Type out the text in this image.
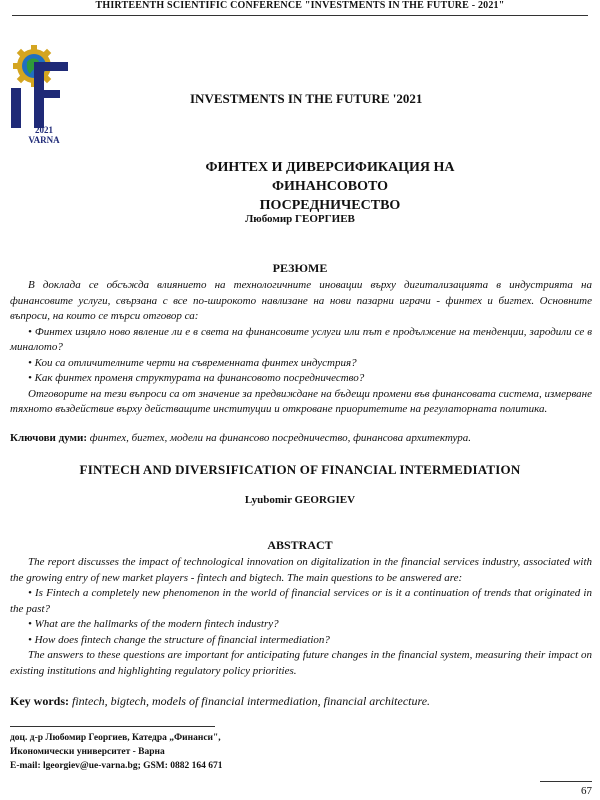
THIRTEENTH SCIENTIFIC CONFERENCE "INVESTMENTS IN THE FUTURE - 2021"
2021
VARNA
INVESTMENTS IN THE FUTURE '2021
ФИНТЕХ И ДИВЕРСИФИКАЦИЯ НА ФИНАНСОВОТО
ПОСРЕДНИЧЕСТВО
Любомир ГЕОРГИЕВ
РЕЗЮМЕ

В доклада се обсъжда влиянието на технологичните иновации върху дигитализацията в индустрията на финансовите услуги, свързана с все по-широкото навлизане на нови пазарни играчи - финтех и бигтех. Основните въпроси, на които се търси отговор са:

• Финтех изцяло ново явление ли е в света на финансовите услуги или път е продължение на тенденции, зародили се в миналото?

• Кои са отличителните черти на съвременната финтех индустрия?

• Как финтех променя структурата на финансовото посредничество?

Отговорите на тези въпроси са от значение за предвиждане на бъдещи промени във финансовата система, измерване тяхното въздействие върху действащите институции и откроване приоритетите на регулаторната политика.

Ключови думи: финтех, бигтех, модели на финансово посредничество, финансова архитектура.
FINTECH AND DIVERSIFICATION OF FINANCIAL INTERMEDIATION
Lyubomir GEORGIEV
ABSTRACT

The report discusses the impact of technological innovation on digitalization in the financial services industry, associated with the growing entry of new market players - fintech and bigtech. The main questions to be answered are:

• Is Fintech a completely new phenomenon in the world of financial services or is it a continuation of trends that originated in the past?

• What are the hallmarks of the modern fintech industry?

• How does fintech change the structure of financial intermediation?

The answers to these questions are important for anticipating future changes in the financial system, measuring their impact on existing institutions and highlighting regulatory policy priorities.

Key words: fintech, bigtech, models of financial intermediation, financial architecture.
доц. д-р Любомир Георгиев, Катедра „Финанси",
Икономически университет - Варна
E-mail: lgeorgiev@ue-varna.bg; GSM: 0882 164 671
67
